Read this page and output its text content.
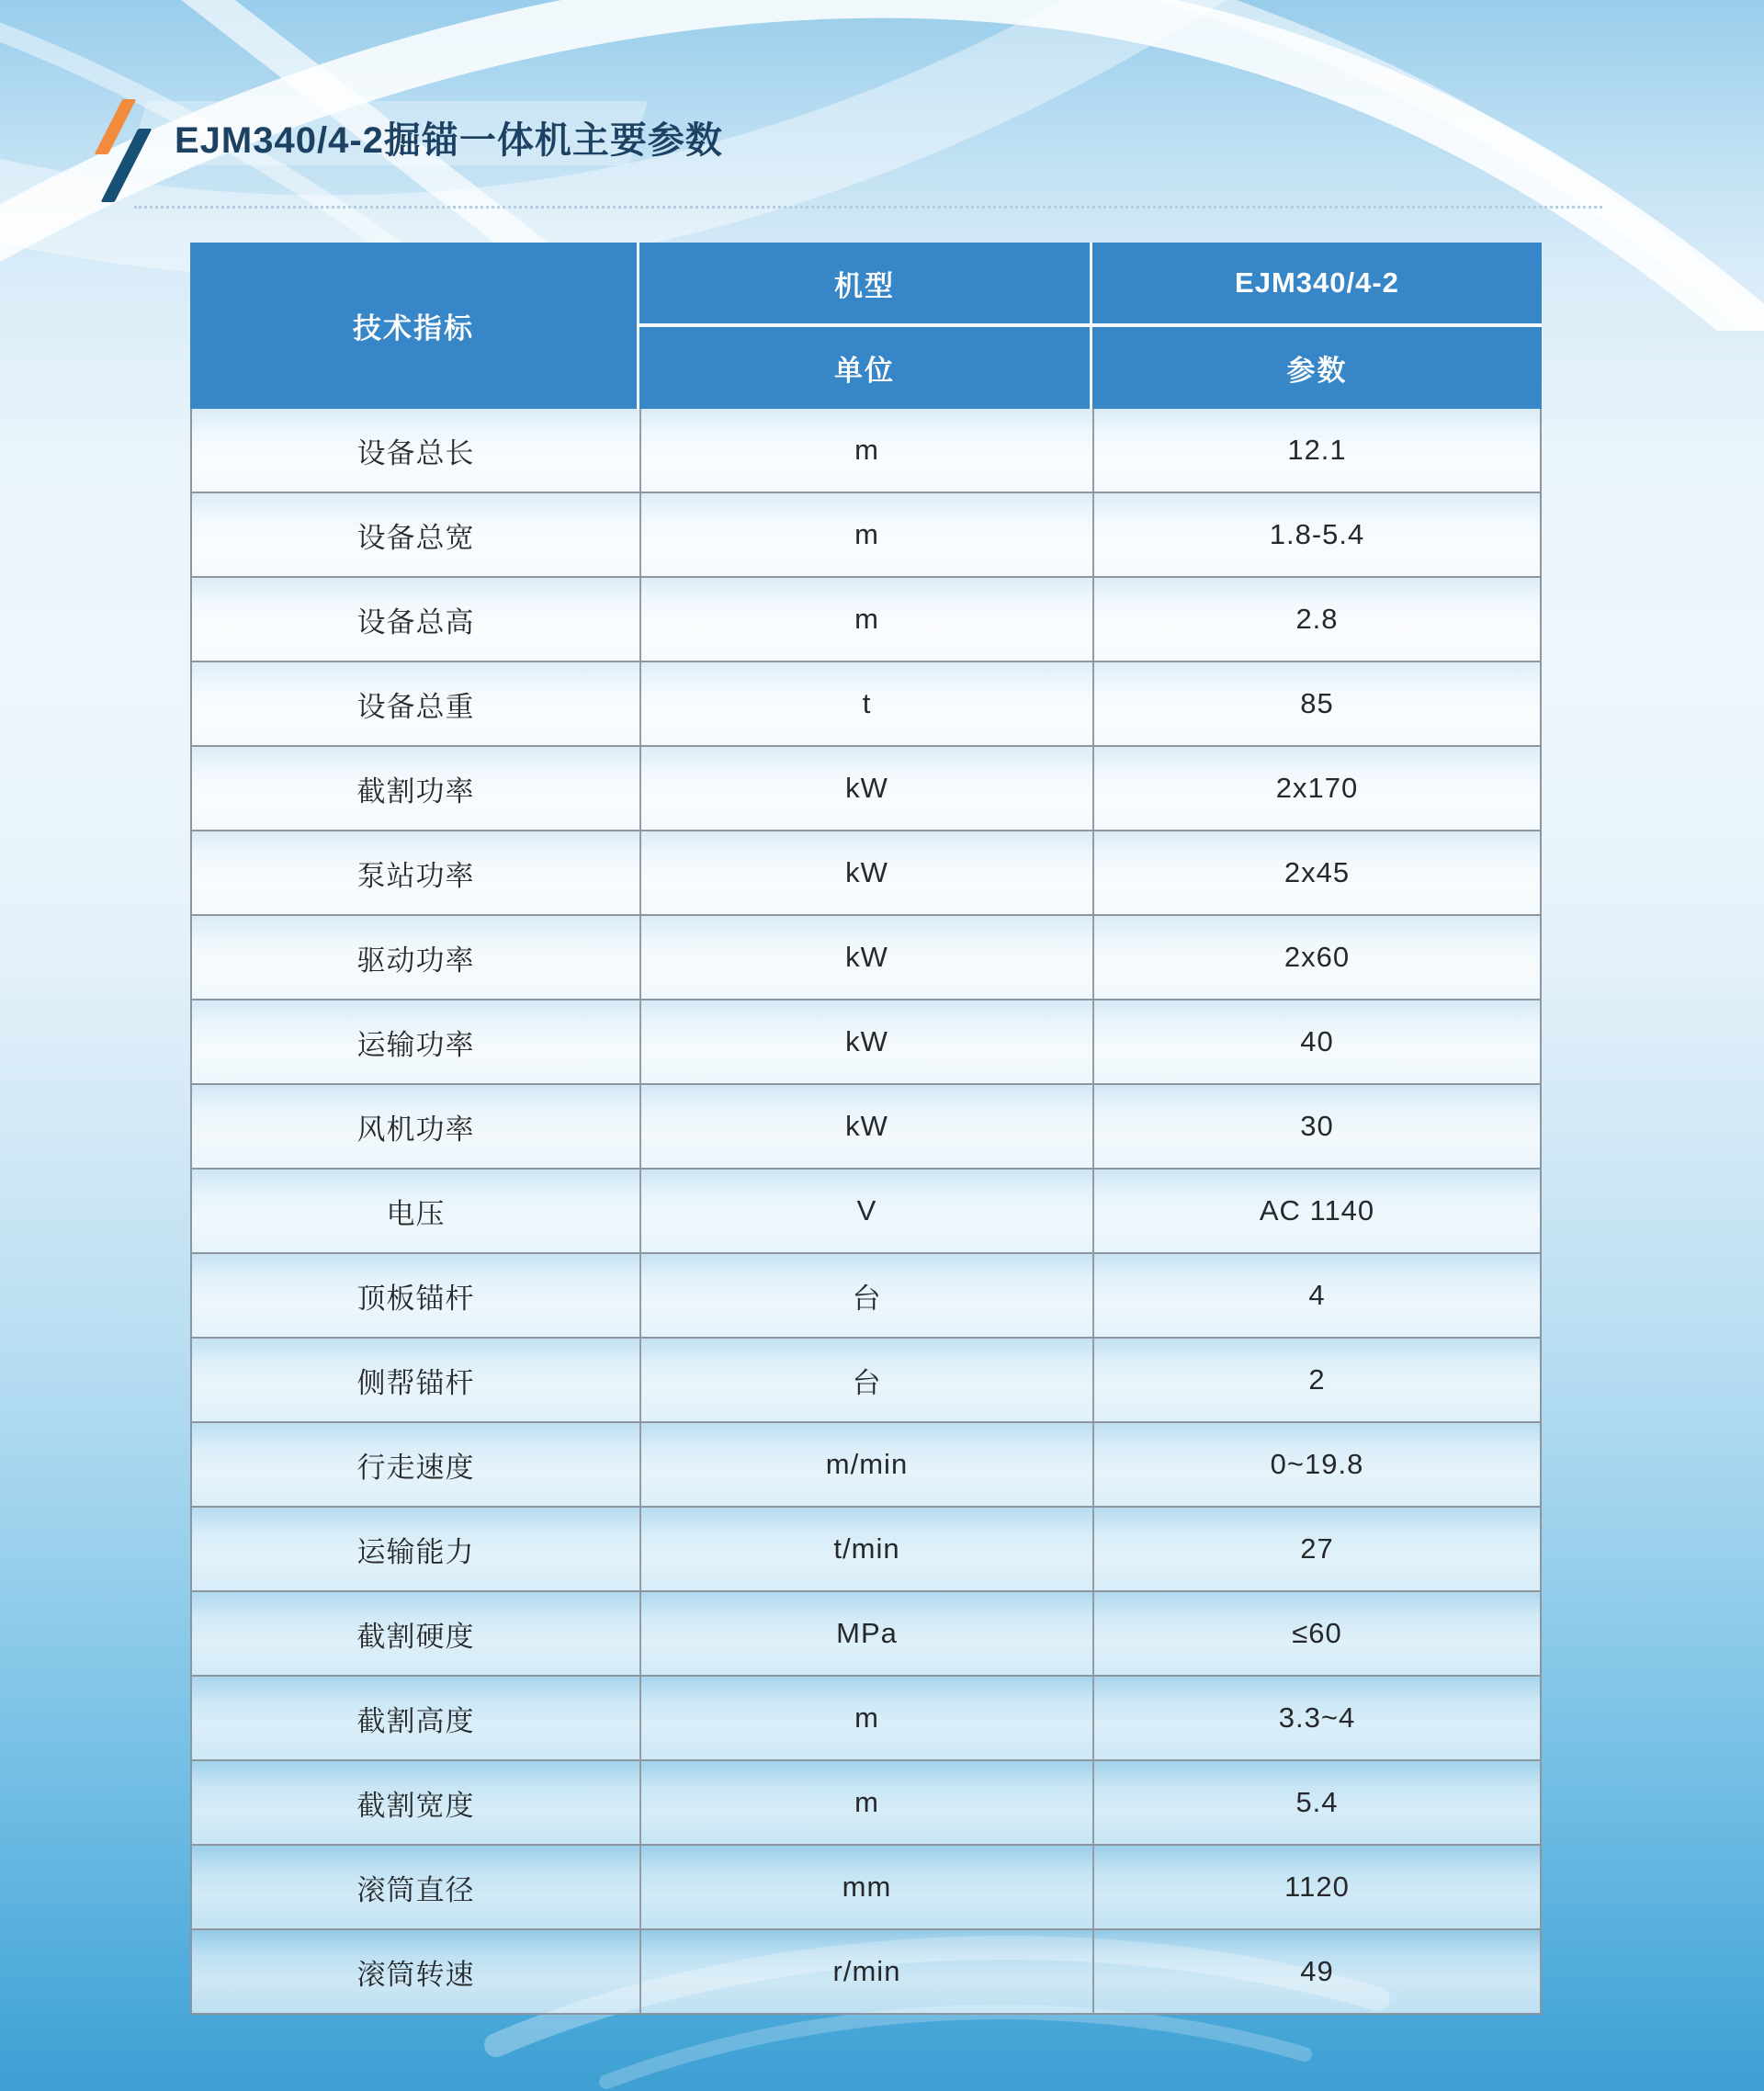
EJM340/4-2掘锚一体机主要参数
技术指标
机型	EJM340/4-2
单位	参数
设备总长	m	12.1
设备总宽	m	1.8-5.4
设备总高	m	2.8
设备总重	t	85
截割功率	kW	2x170
泵站功率	kW	2x45
驱动功率	kW	2x60
运输功率	kW	40
风机功率	kW	30
电压	V	AC 1140
顶板锚杆	台	4
侧帮锚杆	台	2
行走速度	m/min	0~19.8
运输能力	t/min	27
截割硬度	MPa	≤60
截割高度	m	3.3~4
截割宽度	m	5.4
滚筒直径	mm	1120
滚筒转速	r/min	49
